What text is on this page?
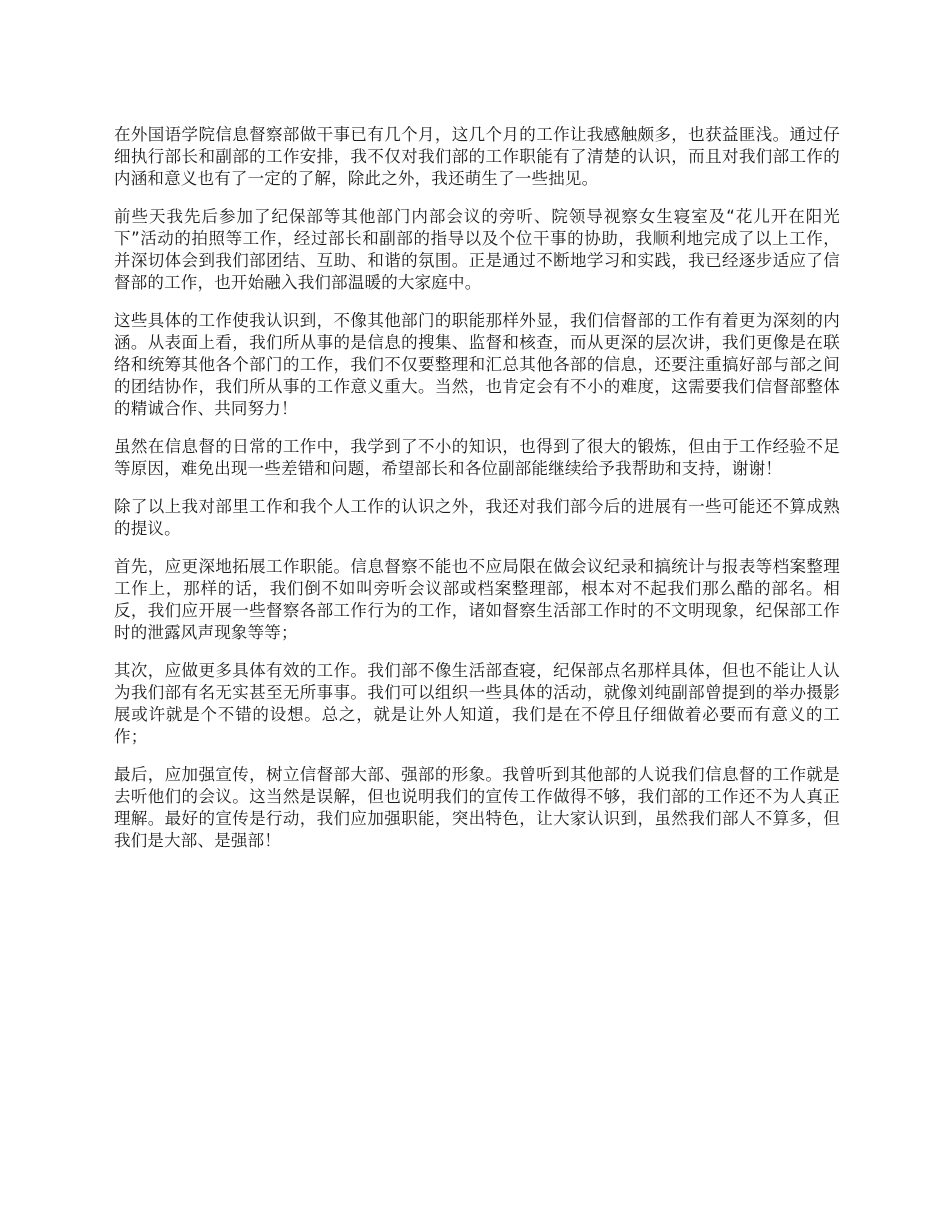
在外国语学院信息督察部做干事已有几个月，这几个月的工作让我感触颇多，也获益匪浅。通过仔细执行部长和副部的工作安排，我不仅对我们部的工作职能有了清楚的认识，而且对我们部工作的内涵和意义也有了一定的了解，除此之外，我还萌生了一些拙见。

前些天我先后参加了纪保部等其他部门内部会议的旁听、院领导视察女生寝室及“花儿开在阳光下”活动的拍照等工作，经过部长和副部的指导以及个位干事的协助，我顺利地完成了以上工作，并深切体会到我们部团结、互助、和谐的氛围。正是通过不断地学习和实践，我已经逐步适应了信督部的工作，也开始融入我们部温暖的大家庭中。

这些具体的工作使我认识到，不像其他部门的职能那样外显，我们信督部的工作有着更为深刻的内涵。从表面上看，我们所从事的是信息的搜集、监督和核查，而从更深的层次讲，我们更像是在联络和统筹其他各个部门的工作，我们不仅要整理和汇总其他各部的信息，还要注重搞好部与部之间的团结协作，我们所从事的工作意义重大。当然，也肯定会有不小的难度，这需要我们信督部整体的精诚合作、共同努力！

虽然在信息督的日常的工作中，我学到了不小的知识，也得到了很大的锻炼，但由于工作经验不足等原因，难免出现一些差错和问题，希望部长和各位副部能继续给予我帮助和支持，谢谢！

除了以上我对部里工作和我个人工作的认识之外，我还对我们部今后的进展有一些可能还不算成熟的提议。

首先，应更深地拓展工作职能。信息督察不能也不应局限在做会议纪录和搞统计与报表等档案整理工作上，那样的话，我们倒不如叫旁听会议部或档案整理部，根本对不起我们那么酷的部名。相反，我们应开展一些督察各部工作行为的工作，诸如督察生活部工作时的不文明现象，纪保部工作时的泄露风声现象等等；

其次，应做更多具体有效的工作。我们部不像生活部查寝，纪保部点名那样具体，但也不能让人认为我们部有名无实甚至无所事事。我们可以组织一些具体的活动，就像刘纯副部曾提到的举办摄影展或许就是个不错的设想。总之，就是让外人知道，我们是在不停且仔细做着必要而有意义的工作；

最后，应加强宣传，树立信督部大部、强部的形象。我曾听到其他部的人说我们信息督的工作就是去听他们的会议。这当然是误解，但也说明我们的宣传工作做得不够，我们部的工作还不为人真正理解。最好的宣传是行动，我们应加强职能，突出特色，让大家认识到，虽然我们部人不算多，但我们是大部、是强部！
